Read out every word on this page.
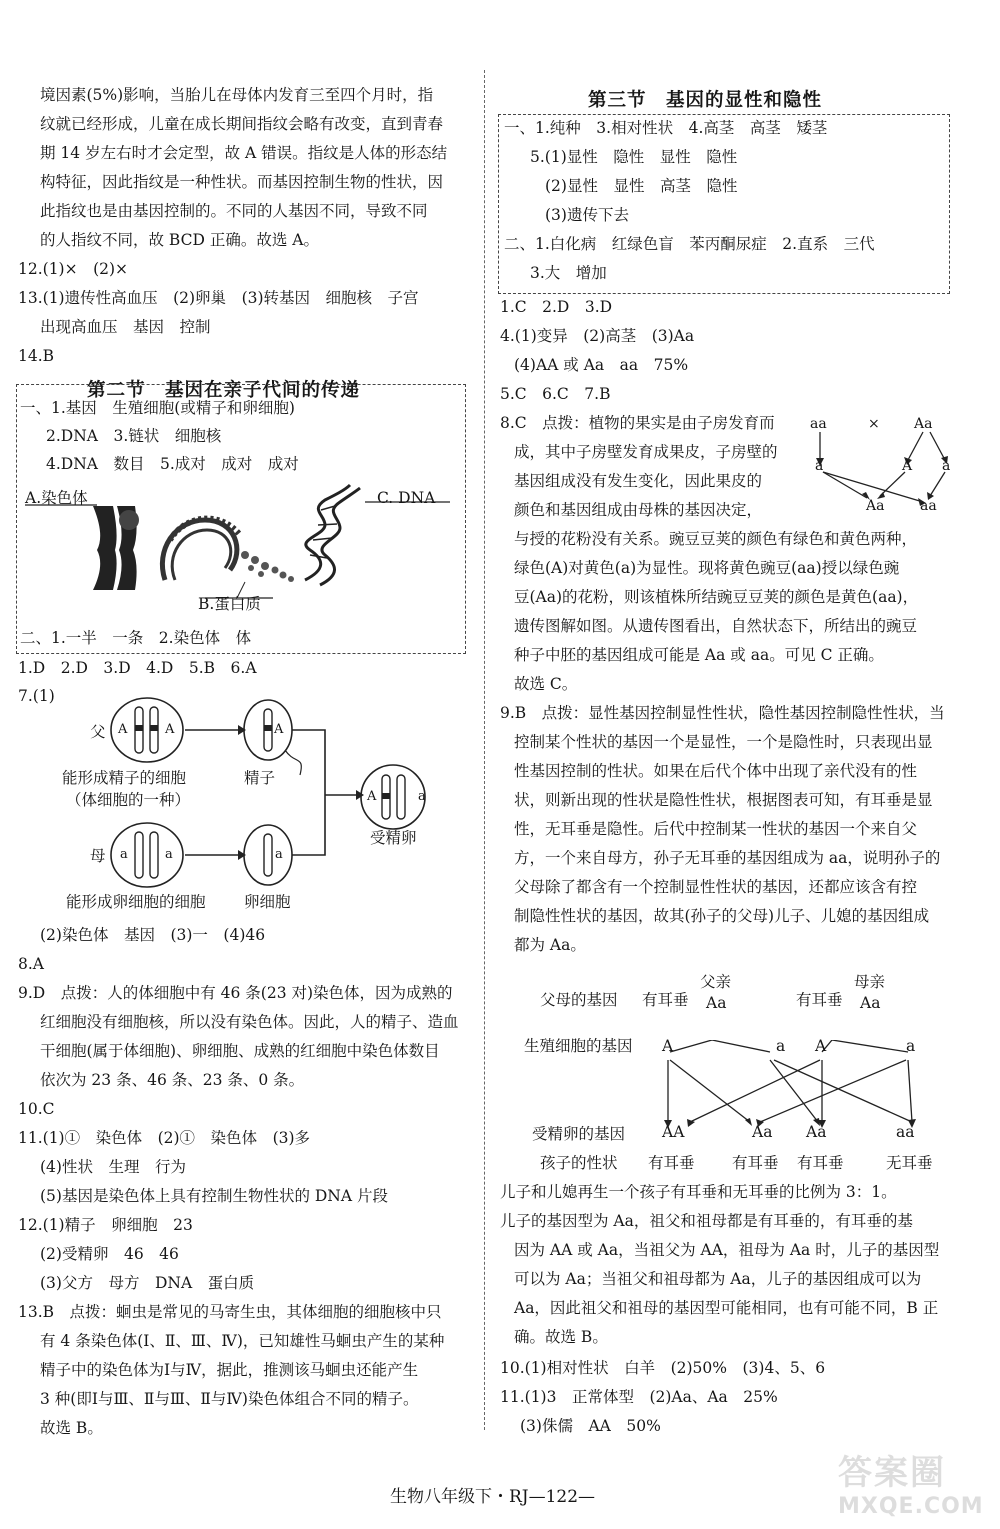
境因素(5%)影响，当胎儿在母体内发育三至四个月时，指
纹就已经形成，儿童在成长期间指纹会略有改变，直到青春
期 14 岁左右时才会定型，故 A 错误。指纹是人体的形态结
构特征，因此指纹是一种性状。而基因控制生物的性状，因
此指纹也是由基因控制的。不同的人基因不同，导致不同
的人指纹不同，故 BCD 正确。故选 A。
12.(1)×　(2)×
13.(1)遗传性高血压　(2)卵巢　(3)转基因　细胞核　子宫
出现高血压　基因　控制
14.B
第二节　基因在亲子代间的传递
一、1.基因　生殖细胞(或精子和卵细胞)
2.DNA　3.链状　细胞核
4.DNA　数目　5.成对　成对　成对
A.染色体	C. DNA
B.蛋白质
二、1.一半　一条　2.染色体　体
1.D　2.D　3.D　4.D　5.B　6.A
7.(1)
父 A	A	A
能形成精子的细胞
（体细胞的一种）
精子
A	a
受精卵
母 a	a	a
能形成卵细胞的细胞 卵细胞
(2)染色体　基因　(3)一　(4)46
8.A
9.D　点拨：人的体细胞中有 46 条(23 对)染色体，因为成熟的
红细胞没有细胞核，所以没有染色体。因此，人的精子、造血
干细胞(属于体细胞)、卵细胞、成熟的红细胞中染色体数目
依次为 23 条、46 条、23 条、0 条。
10.C
11.(1)①　染色体　(2)①　染色体　(3)多
(4)性状　生理　行为
(5)基因是染色体上具有控制生物性状的 DNA 片段
12.(1)精子　卵细胞　23
(2)受精卵　46　46
(3)父方　母方　DNA　蛋白质
13.B　点拨：蛔虫是常见的马寄生虫，其体细胞的细胞核中只
有 4 条染色体(Ⅰ、Ⅱ、Ⅲ、Ⅳ)，已知雄性马蛔虫产生的某种
精子中的染色体为Ⅰ与Ⅳ，据此，推测该马蛔虫还能产生
3 种(即Ⅰ与Ⅲ、Ⅱ与Ⅲ、Ⅱ与Ⅳ)染色体组合不同的精子。
故选 B。
第三节　基因的显性和隐性
一、1.纯种　3.相对性状　4.高茎　高茎　矮茎
5.(1)显性　隐性　显性　隐性
(2)显性　显性　高茎　隐性
(3)遗传下去
二、1.白化病　红绿色盲　苯丙酮尿症　2.直系　三代
3.大　增加
1.C　2.D　3.D
4.(1)变异　(2)高茎　(3)Aa
(4)AA 或 Aa　aa　75%
5.C　6.C　7.B
8.C　点拨：植物的果实是由子房发育而
成，其中子房壁发育成果皮，子房壁的
基因组成没有发生变化，因此果皮的
颜色和基因组成由母株的基因决定，
aa	× Aa
a	A a
Aa	aa
与授的花粉没有关系。豌豆豆荚的颜色有绿色和黄色两种，
绿色(A)对黄色(a)为显性。现将黄色豌豆(aa)授以绿色豌
豆(Aa)的花粉，则该植株所结豌豆豆荚的颜色是黄色(aa)，
遗传图解如图。从遗传图看出，自然状态下，所结出的豌豆
种子中胚的基因组成可能是 Aa 或 aa。可见 C 正确。
故选 C。
9.B　点拨：显性基因控制显性性状，隐性基因控制隐性性状，当
控制某个性状的基因一个是显性，一个是隐性时，只表现出显
性基因控制的性状。如果在后代个体中出现了亲代没有的性
状，则新出现的性状是隐性性状，根据图表可知，有耳垂是显
性，无耳垂是隐性。后代中控制某一性状的基因一个来自父
方，一个来自母方，孙子无耳垂的基因组成为 aa，说明孙子的
父母除了都含有一个控制显性性状的基因，还都应该含有控
制隐性性状的基因，故其(孙子的父母)儿子、儿媳的基因组成
都为 Aa。
父亲	母亲
父母的基因 有耳垂 Aa	有耳垂 Aa
生殖细胞的基因 A	a A	a
受精卵的基因 AA	Aa Aa	aa
孩子的性状 有耳垂 有耳垂 有耳垂	无耳垂
儿子和儿媳再生一个孩子有耳垂和无耳垂的比例为 3：1。
儿子的基因型为 Aa，祖父和祖母都是有耳垂的，有耳垂的基
因为 AA 或 Aa，当祖父为 AA，祖母为 Aa 时，儿子的基因型
可以为 Aa；当祖父和祖母都为 Aa，儿子的基因组成可以为
Aa，因此祖父和祖母的基因型可能相同，也有可能不同，B 正
确。故选 B。
10.(1)相对性状　白羊　(2)50%　(3)4、5、6
11.(1)3　正常体型　(2)Aa、Aa　25%
(3)侏儒　AA　50%
生物八年级下・RJ—122—
答案圈
MXQE.COM
